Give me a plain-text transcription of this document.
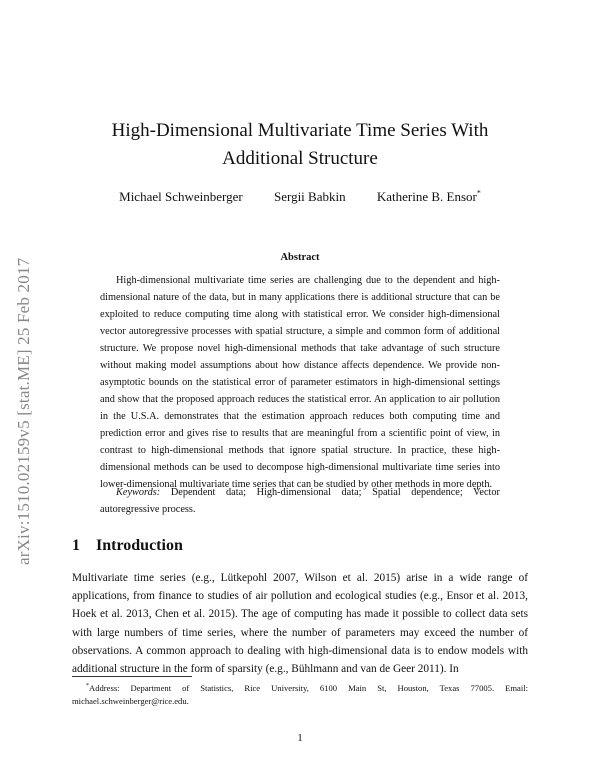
arXiv:1510.02159v5 [stat.ME] 25 Feb 2017
High-Dimensional Multivariate Time Series With
Additional Structure
Michael Schweinberger Sergii Babkin Katherine B. Ensor*
Abstract

High-dimensional multivariate time series are challenging due to the dependent and high-dimensional nature of the data, but in many applications there is additional structure that can be exploited to reduce computing time along with statistical error. We consider high-dimensional vector autoregressive processes with spatial structure, a simple and common form of additional structure. We propose novel high-dimensional methods that take advantage of such structure without making model assumptions about how distance affects dependence. We provide non-asymptotic bounds on the statistical error of parameter estimators in high-dimensional settings and show that the proposed approach reduces the statistical error. An application to air pollution in the U.S.A. demonstrates that the estimation approach reduces both computing time and prediction error and gives rise to results that are meaningful from a scientific point of view, in contrast to high-dimensional methods that ignore spatial structure. In practice, these high-dimensional methods can be used to decompose high-dimensional multivariate time series into lower-dimensional multivariate time series that can be studied by other methods in more depth.

Keywords: Dependent data; High-dimensional data; Spatial dependence; Vector autoregressive process.

1 Introduction

Multivariate time series (e.g., Lütkepohl 2007, Wilson et al. 2015) arise in a wide range of applications, from finance to studies of air pollution and ecological studies (e.g., Ensor et al. 2013, Hoek et al. 2013, Chen et al. 2015). The age of computing has made it possible to collect data sets with large numbers of time series, where the number of parameters may exceed the number of observations. A common approach to dealing with high-dimensional data is to endow models with additional structure in the form of sparsity (e.g., Bühlmann and van de Geer 2011). In

*Address: Department of Statistics, Rice University, 6100 Main St, Houston, Texas 77005. Email: michael.schweinberger@rice.edu.

1
